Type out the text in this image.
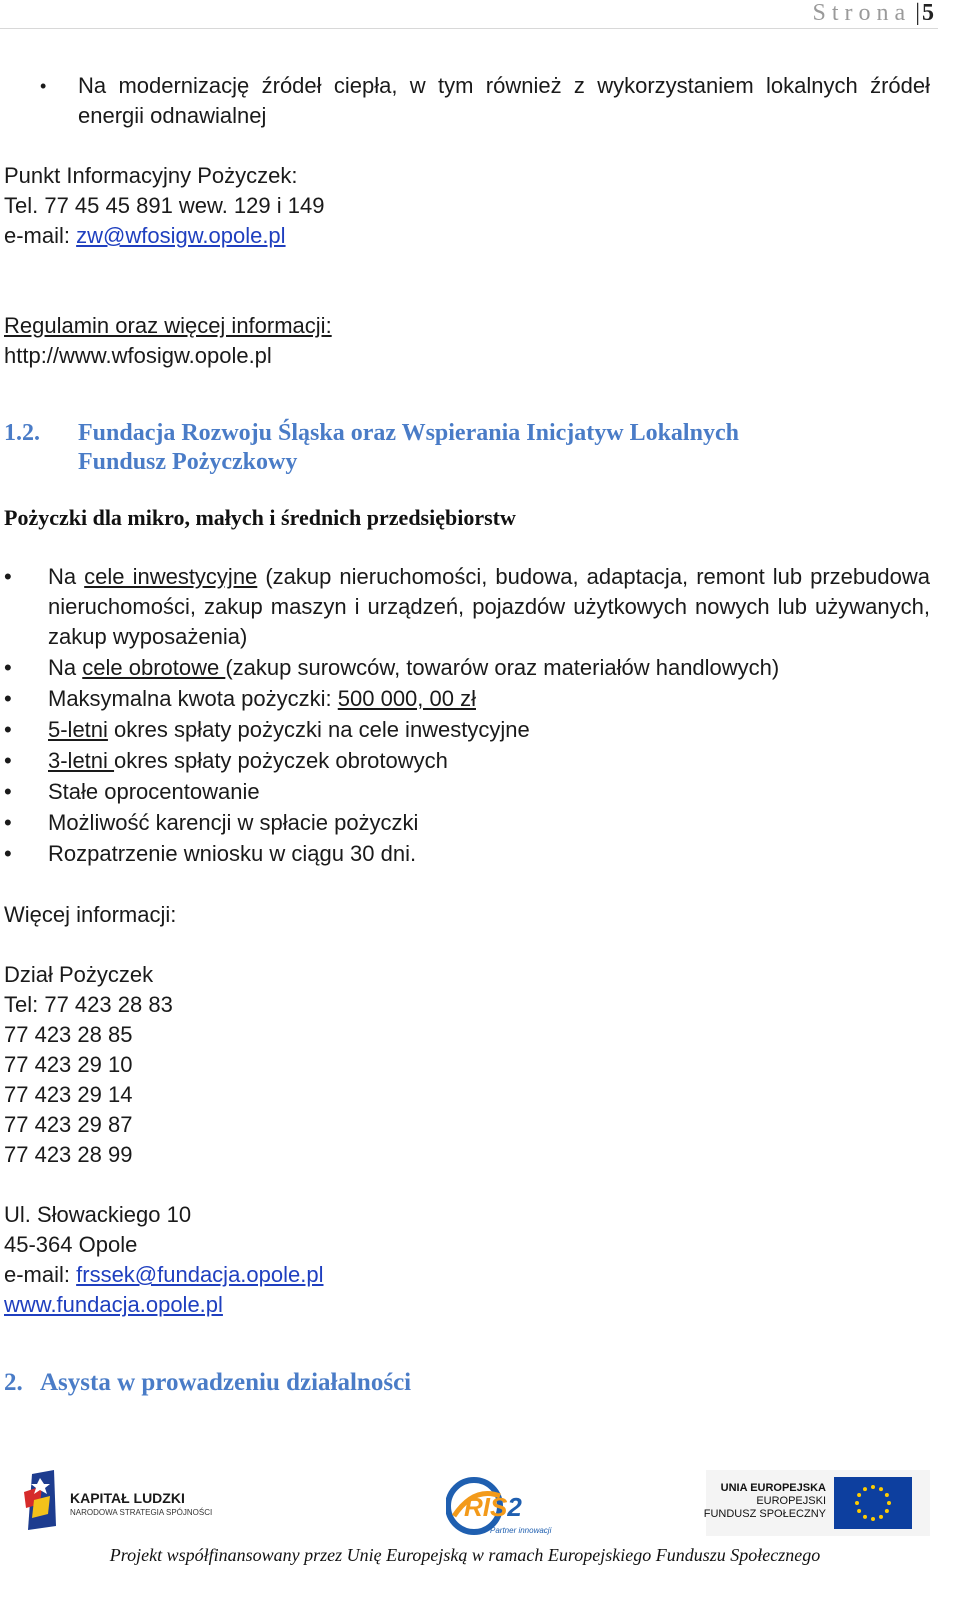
Strona |5
• Na modernizację źródeł ciepła, w tym również z wykorzystaniem lokalnych źródeł energii odnawialnej
Punkt Informacyjny Pożyczek:
Tel. 77 45 45 891 wew. 129 i 149
e-mail: zw@wfosigw.opole.pl
Regulamin oraz więcej informacji:
http://www.wfosigw.opole.pl
1.2. Fundacja Rozwoju Śląska oraz Wspierania Inicjatyw Lokalnych
Fundusz Pożyczkowy
Pożyczki dla mikro, małych i średnich przedsiębiorstw
• Na cele inwestycyjne (zakup nieruchomości, budowa, adaptacja, remont lub przebudowa nieruchomości, zakup maszyn i urządzeń, pojazdów użytkowych nowych lub używanych, zakup wyposażenia)
• Na cele obrotowe (zakup surowców, towarów oraz materiałów handlowych)
• Maksymalna kwota pożyczki: 500 000, 00 zł
• 5-letni okres spłaty pożyczki na cele inwestycyjne
• 3-letni okres spłaty pożyczek obrotowych
• Stałe oprocentowanie
• Możliwość karencji w spłacie pożyczki
• Rozpatrzenie wniosku w ciągu 30 dni.
Więcej informacji:
Dział Pożyczek
Tel: 77 423 28 83
77 423 28 85
77 423 29 10
77 423 29 14
77 423 29 87
77 423 28 99
Ul. Słowackiego 10
45-364 Opole
e-mail: frssek@fundacja.opole.pl
www.fundacja.opole.pl
2. Asysta w prowadzeniu działalności
KAPITAŁ LUDZKI
NARODOWA STRATEGIA SPÓJNOŚCI	RIS2
Partner innowacji
UNIA EUROPEJSKA
EUROPEJSKI
FUNDUSZ SPOŁECZNY
Projekt współfinansowany przez Unię Europejską w ramach Europejskiego Funduszu Społecznego
